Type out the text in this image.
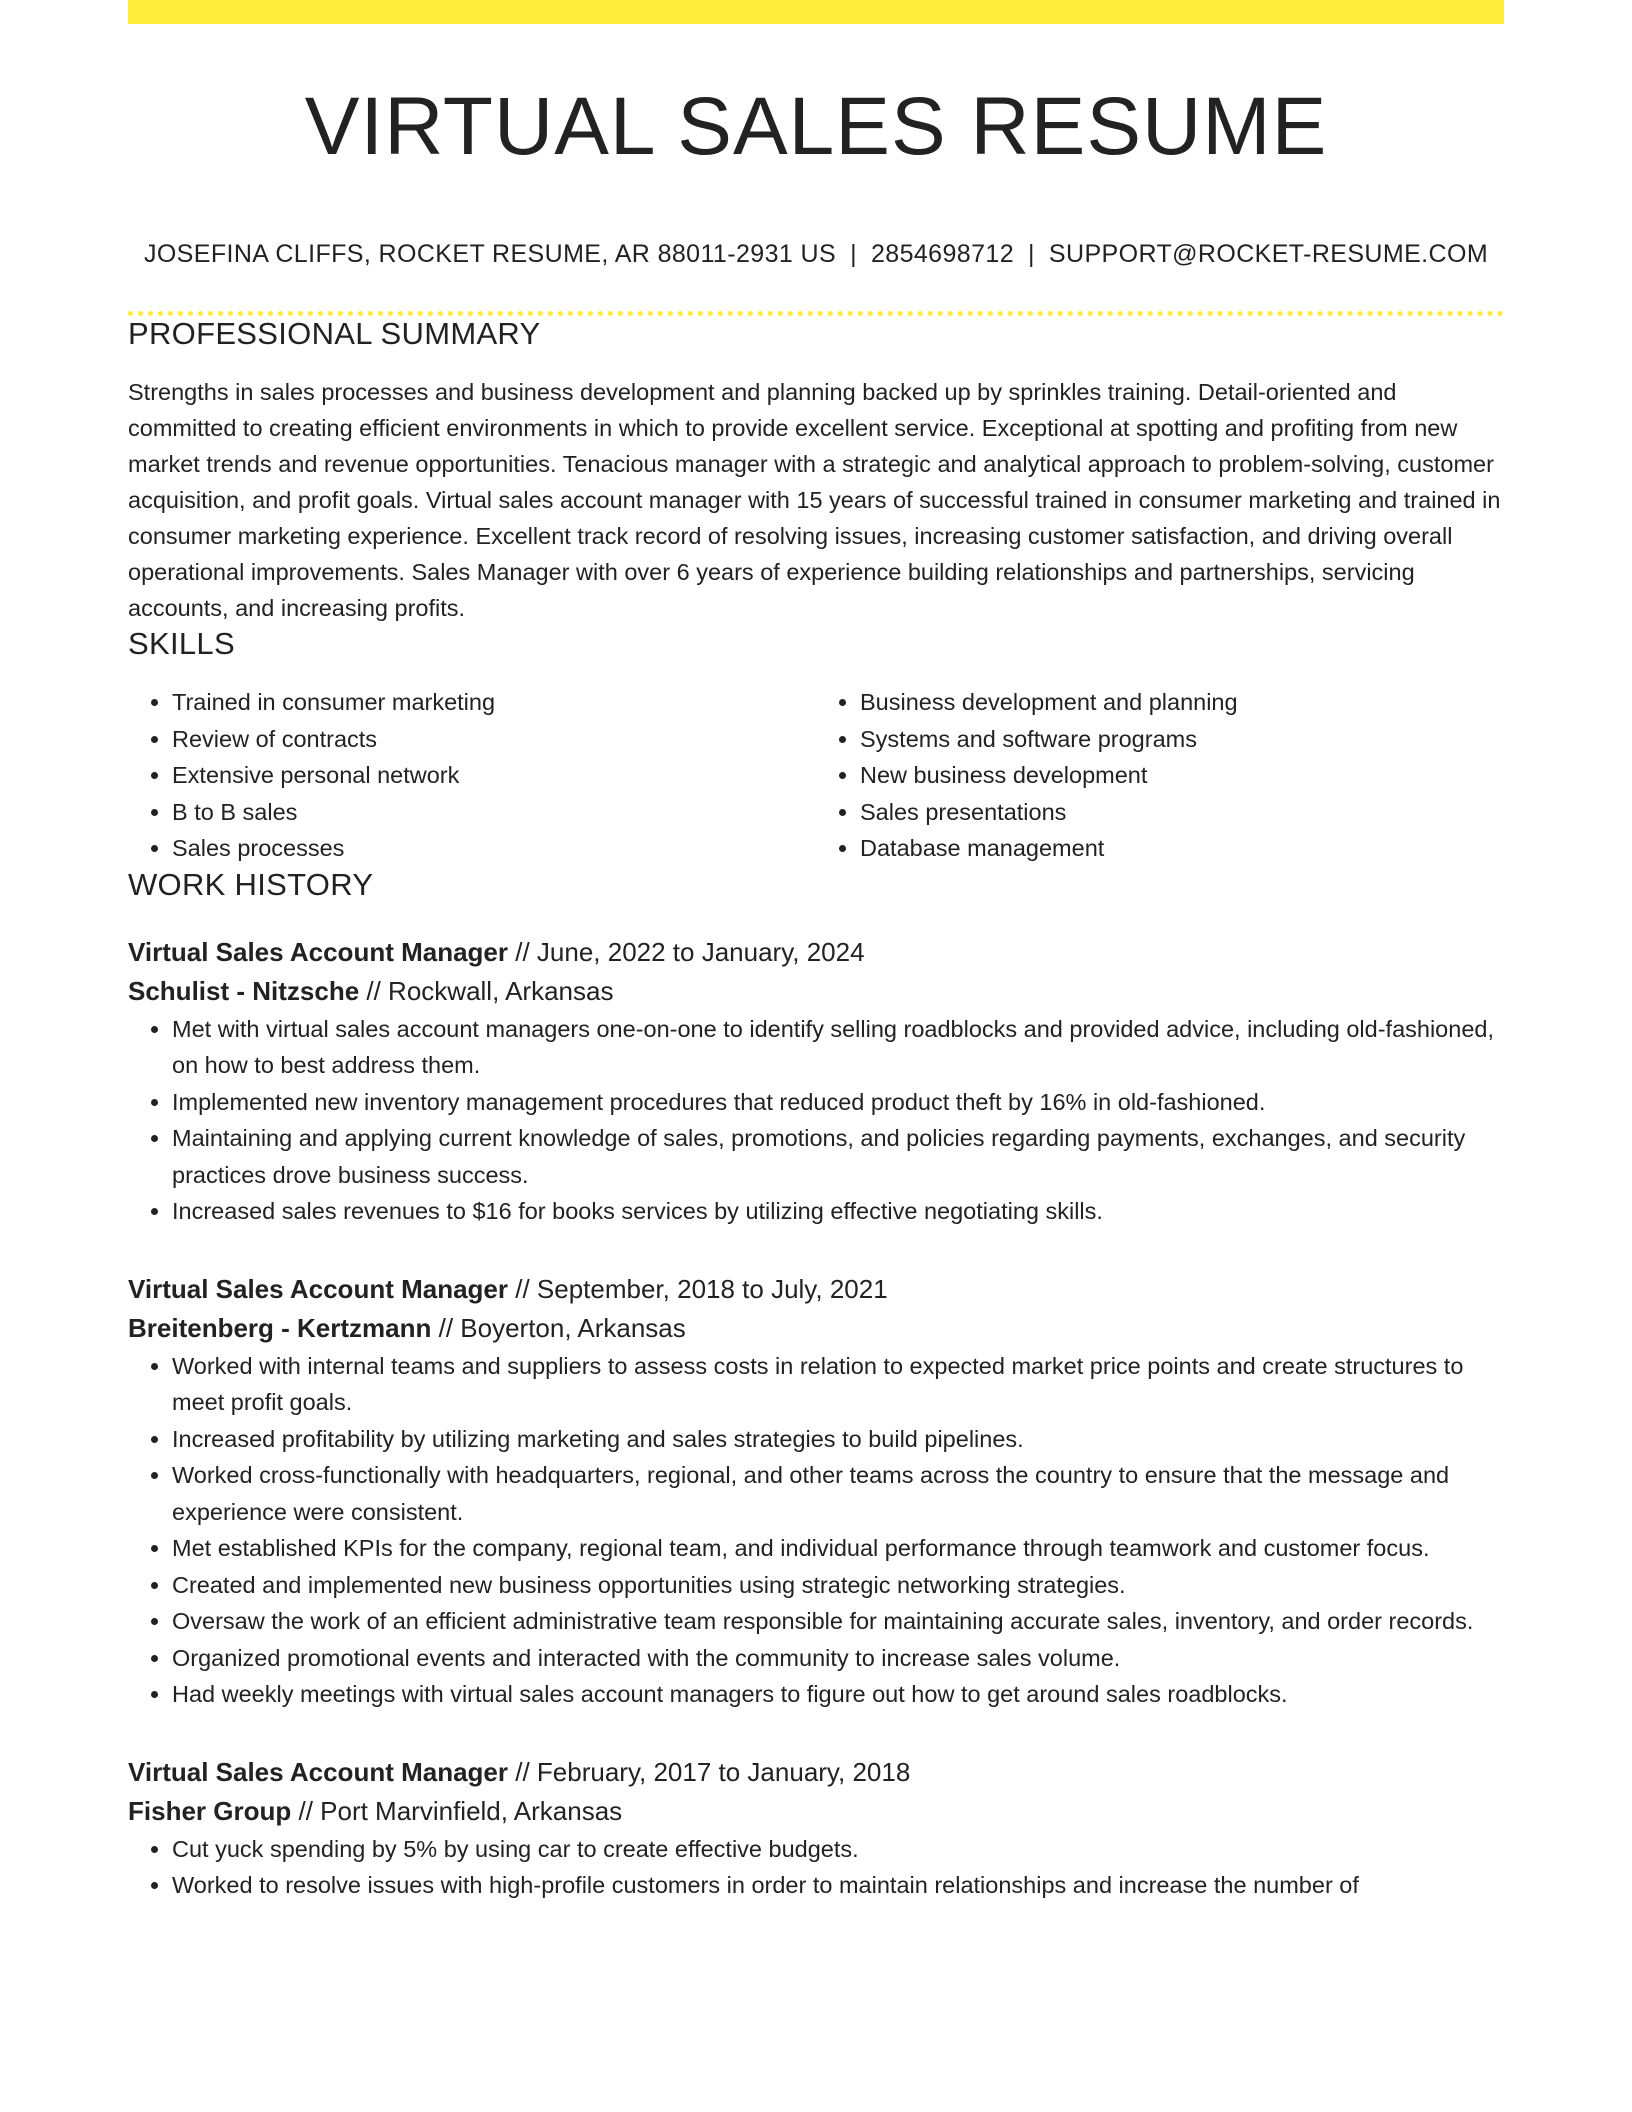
VIRTUAL SALES RESUME
JOSEFINA CLIFFS, ROCKET RESUME, AR 88011-2931 US | 2854698712 | SUPPORT@ROCKET-RESUME.COM
PROFESSIONAL SUMMARY

Strengths in sales processes and business development and planning backed up by sprinkles training. Detail-oriented and committed to creating efficient environments in which to provide excellent service. Exceptional at spotting and profiting from new market trends and revenue opportunities. Tenacious manager with a strategic and analytical approach to problem-solving, customer acquisition, and profit goals. Virtual sales account manager with 15 years of successful trained in consumer marketing and trained in consumer marketing experience. Excellent track record of resolving issues, increasing customer satisfaction, and driving overall operational improvements. Sales Manager with over 6 years of experience building relationships and partnerships, servicing accounts, and increasing profits.

SKILLS
• Trained in consumer marketing
• Review of contracts
• Extensive personal network
• B to B sales
• Sales processes
• Business development and planning
• Systems and software programs
• New business development
• Sales presentations
• Database management
WORK HISTORY
Virtual Sales Account Manager // June, 2022 to January, 2024
Schulist - Nitzsche // Rockwall, Arkansas
• Met with virtual sales account managers one-on-one to identify selling roadblocks and provided advice, including old-fashioned, on how to best address them.
• Implemented new inventory management procedures that reduced product theft by 16% in old-fashioned.
• Maintaining and applying current knowledge of sales, promotions, and policies regarding payments, exchanges, and security practices drove business success.
• Increased sales revenues to $16 for books services by utilizing effective negotiating skills.
Virtual Sales Account Manager // September, 2018 to July, 2021
Breitenberg - Kertzmann // Boyerton, Arkansas
• Worked with internal teams and suppliers to assess costs in relation to expected market price points and create structures to meet profit goals.
• Increased profitability by utilizing marketing and sales strategies to build pipelines.
• Worked cross-functionally with headquarters, regional, and other teams across the country to ensure that the message and experience were consistent.
• Met established KPIs for the company, regional team, and individual performance through teamwork and customer focus.
• Created and implemented new business opportunities using strategic networking strategies.
• Oversaw the work of an efficient administrative team responsible for maintaining accurate sales, inventory, and order records.
• Organized promotional events and interacted with the community to increase sales volume.
• Had weekly meetings with virtual sales account managers to figure out how to get around sales roadblocks.
Virtual Sales Account Manager // February, 2017 to January, 2018
Fisher Group // Port Marvinfield, Arkansas
• Cut yuck spending by 5% by using car to create effective budgets.
• Worked to resolve issues with high-profile customers in order to maintain relationships and increase the number of
